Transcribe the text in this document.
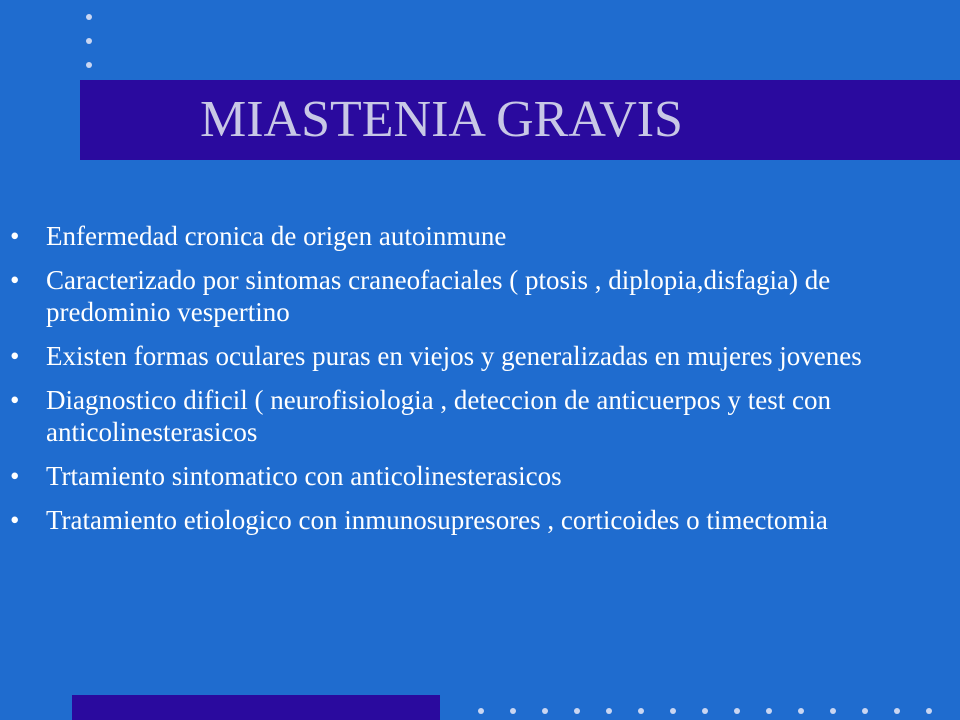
MIASTENIA GRAVIS
• Enfermedad cronica de origen autoinmune
• Caracterizado por sintomas craneofaciales ( ptosis , diplopia,disfagia) de predominio vespertino
• Existen formas oculares puras en viejos y generalizadas en mujeres jovenes
• Diagnostico dificil ( neurofisiologia , deteccion de anticuerpos y test con anticolinesterasicos
• Trtamiento sintomatico con anticolinesterasicos
• Tratamiento etiologico con inmunosupresores , corticoides o timectomia
